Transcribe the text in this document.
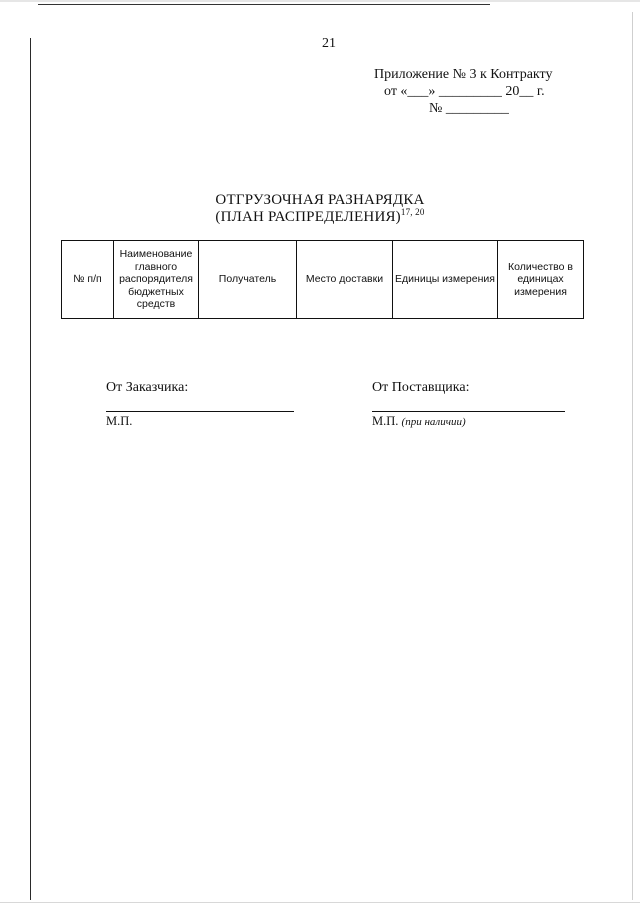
21
Приложение № 3 к Контракту
от «___» _________ 20__ г.
№ _________
ОТГРУЗОЧНАЯ РАЗНАРЯДКА
(ПЛАН РАСПРЕДЕЛЕНИЯ)$^{17, 20}$
№ п/п	Наименование главного распорядителя бюджетных средств	Получатель	Место доставки	Единицы измерения	Количество в единицах измерения
От Заказчика:
М.П.
От Поставщика:
М.П. (при наличии)
